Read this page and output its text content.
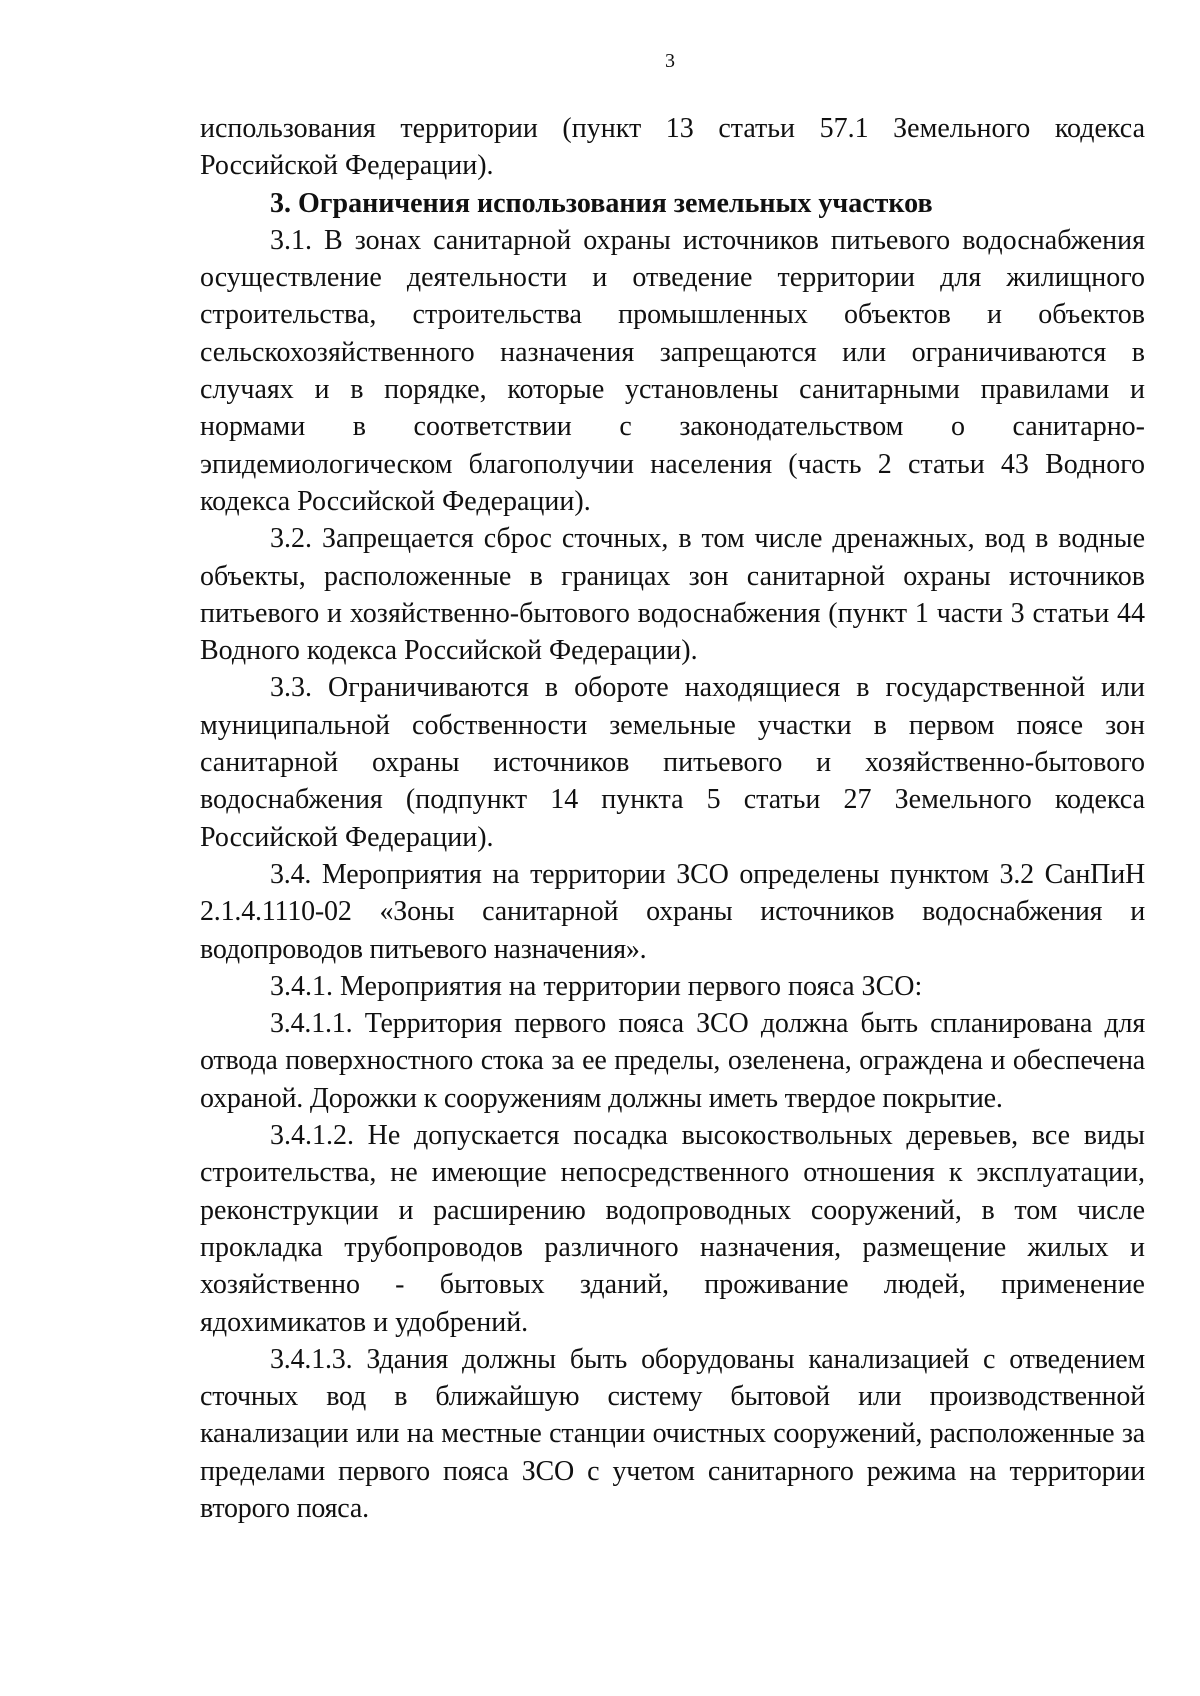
3

использования территории (пункт 13 статьи 57.1 Земельного кодекса Российской Федерации).

3. Ограничения использования земельных участков

3.1. В зонах санитарной охраны источников питьевого водоснабжения осуществление деятельности и отведение территории для жилищного строительства, строительства промышленных объектов и объектов сельскохозяйственного назначения запрещаются или ограничиваются в случаях и в порядке, которые установлены санитарными правилами и нормами в соответствии с законодательством о санитарно-эпидемиологическом благополучии населения (часть 2 статьи 43 Водного кодекса Российской Федерации).

3.2. Запрещается сброс сточных, в том числе дренажных, вод в водные объекты, расположенные в границах зон санитарной охраны источников питьевого и хозяйственно-бытового водоснабжения (пункт 1 части 3 статьи 44 Водного кодекса Российской Федерации).

3.3. Ограничиваются в обороте находящиеся в государственной или муниципальной собственности земельные участки в первом поясе зон санитарной охраны источников питьевого и хозяйственно-бытового водоснабжения (подпункт 14 пункта 5 статьи 27 Земельного кодекса Российской Федерации).

3.4. Мероприятия на территории ЗСО определены пунктом 3.2 СанПиН 2.1.4.1110-02 «Зоны санитарной охраны источников водоснабжения и водопроводов питьевого назначения».

3.4.1. Мероприятия на территории первого пояса ЗСО:

3.4.1.1. Территория первого пояса ЗСО должна быть спланирована для отвода поверхностного стока за ее пределы, озеленена, ограждена и обеспечена охраной. Дорожки к сооружениям должны иметь твердое покрытие.

3.4.1.2. Не допускается посадка высокоствольных деревьев, все виды строительства, не имеющие непосредственного отношения к эксплуатации, реконструкции и расширению водопроводных сооружений, в том числе прокладка трубопроводов различного назначения, размещение жилых и хозяйственно - бытовых зданий, проживание людей, применение ядохимикатов и удобрений.

3.4.1.3. Здания должны быть оборудованы канализацией с отведением сточных вод в ближайшую систему бытовой или производственной канализации или на местные станции очистных сооружений, расположенные за пределами первого пояса ЗСО с учетом санитарного режима на территории второго пояса.
